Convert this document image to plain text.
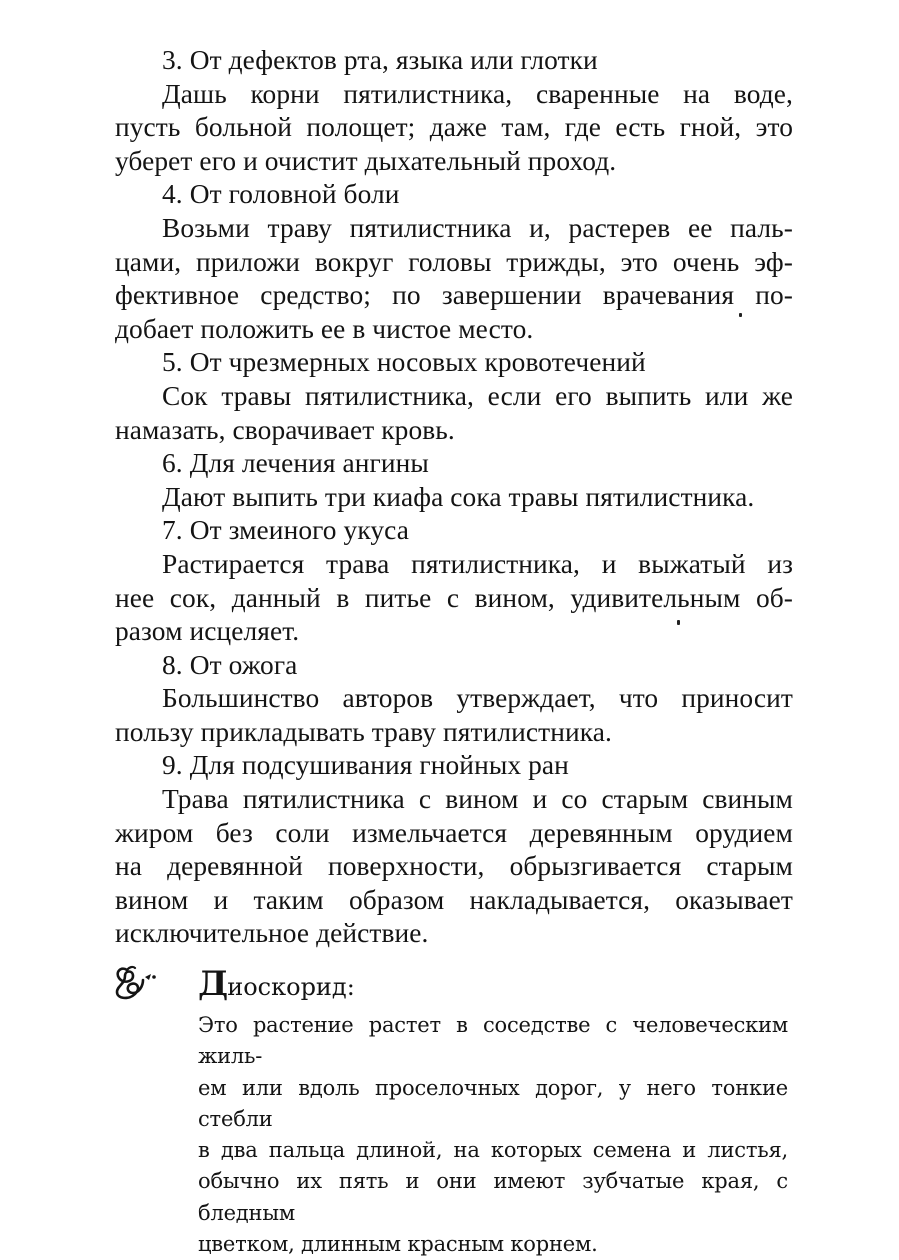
3. От дефектов рта, языка или глотки

Дашь корни пятилистника, сваренные на воде,
пусть больной полощет; даже там, где есть гной, это
уберет его и очистит дыхательный проход.

4. От головной боли

Возьми траву пятилистника и, растерев ее паль-
цами, приложи вокруг головы трижды, это очень эф-
фективное средство; по завершении врачевания по-
добает положить ее в чистое место.

5. От чрезмерных носовых кровотечений

Сок травы пятилистника, если его выпить или же
намазать, сворачивает кровь.

6. Для лечения ангины

Дают выпить три киафа сока травы пятилистника.

7. От змеиного укуса

Растирается трава пятилистника, и выжатый из
нее сок, данный в питье с вином, удивительным об-
разом исцеляет.

8. От ожога

Большинство авторов утверждает, что приносит
пользу прикладывать траву пятилистника.

9. Для подсушивания гнойных ран

Трава пятилистника с вином и со старым свиным
жиром без соли измельчается деревянным орудием
на деревянной поверхности, обрызгивается старым
вином и таким образом накладывается, оказывает
исключительное действие.

Диоскорид:

Это растение растет в соседстве с человеческим жиль-
ем или вдоль проселочных дорог, у него тонкие стебли
в два пальца длиной, на которых семена и листья,
обычно их пять и они имеют зубчатые края, с бледным
цветком, длинным красным корнем.
